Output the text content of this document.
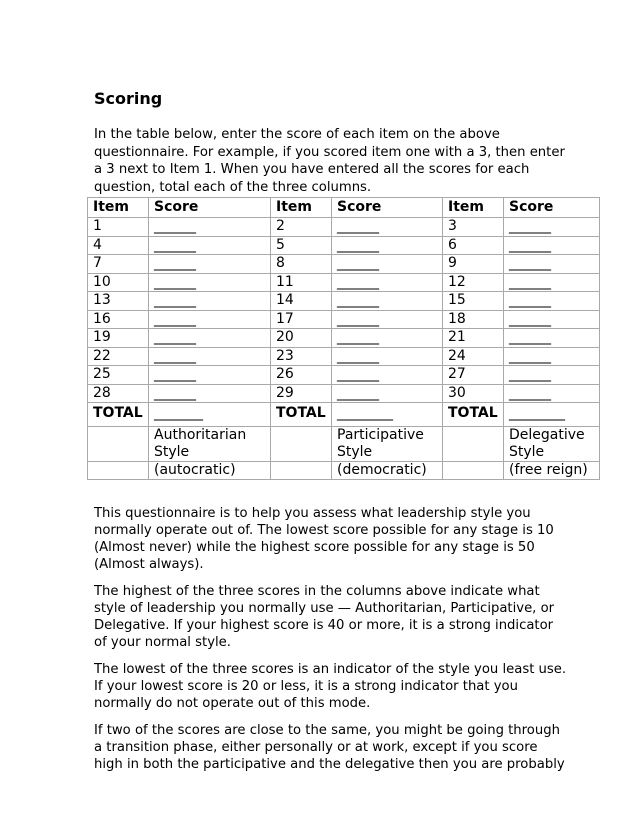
Scoring

In the table below, enter the score of each item on the above
questionnaire. For example, if you scored item one with a 3, then enter
a 3 next to Item 1. When you have entered all the scores for each
question, total each of the three columns.

Item	Score	Item	Score	Item	Score
1	______	2	______	3	______
4	______	5	______	6	______
7	______	8	______	9	______
10	______	11	______	12	______
13	______	14	______	15	______
16	______	17	______	18	______
19	______	20	______	21	______
22	______	23	______	24	______
25	______	26	______	27	______
28	______	29	______	30	______
TOTAL	_______	TOTAL	________	TOTAL	________
	Authoritarian Style		Participative Style		Delegative Style
	(autocratic)		(democratic)		(free reign)

This questionnaire is to help you assess what leadership style you
normally operate out of. The lowest score possible for any stage is 10
(Almost never) while the highest score possible for any stage is 50
(Almost always).

The highest of the three scores in the columns above indicate what
style of leadership you normally use — Authoritarian, Participative, or
Delegative. If your highest score is 40 or more, it is a strong indicator
of your normal style.

The lowest of the three scores is an indicator of the style you least use.
If your lowest score is 20 or less, it is a strong indicator that you
normally do not operate out of this mode.

If two of the scores are close to the same, you might be going through
a transition phase, either personally or at work, except if you score
high in both the participative and the delegative then you are probably
